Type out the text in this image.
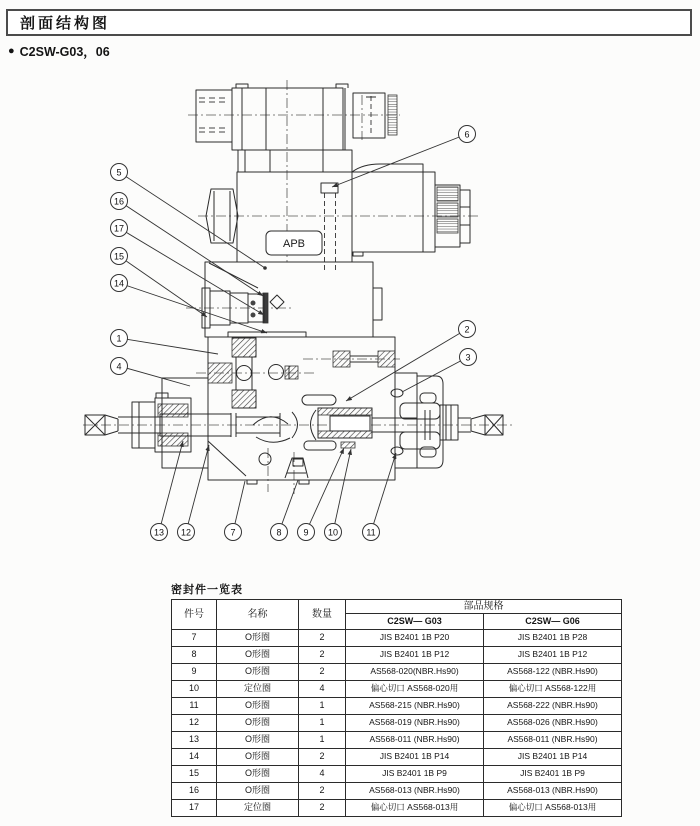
剖面结构图
● C2SW-G03，06
APB
5
16
17
15
14
1
4
6
2
3
13 12	7	8 9 10	11
密封件一览表
件号	名称	数量	部品规格	
			C2SW— G03	C2SW— G06
7	O形圈	2	JIS B2401 1B P20	JIS B2401 1B P28
8	O形圈	2	JIS B2401 1B P12	JIS B2401 1B P12
9	O形圈	2	AS568-020(NBR.Hs90)	AS568-122 (NBR.Hs90)
10	定位圈	4	偏心切口 AS568-020用	偏心切口 AS568-122用
11	O形圈	1	AS568-215 (NBR.Hs90)	AS568-222 (NBR.Hs90)
12	O形圈	1	AS568-019 (NBR.Hs90)	AS568-026 (NBR.Hs90)
13	O形圈	1	AS568-011 (NBR.Hs90)	AS568-011 (NBR.Hs90)
14	O形圈	2	JIS B2401 1B P14	JIS B2401 1B P14
15	O形圈	4	JIS B2401 1B P9	JIS B2401 1B P9
16	O形圈	2	AS568-013 (NBR.Hs90)	AS568-013 (NBR.Hs90)
17	定位圈	2	偏心切口 AS568-013用	偏心切口 AS568-013用
